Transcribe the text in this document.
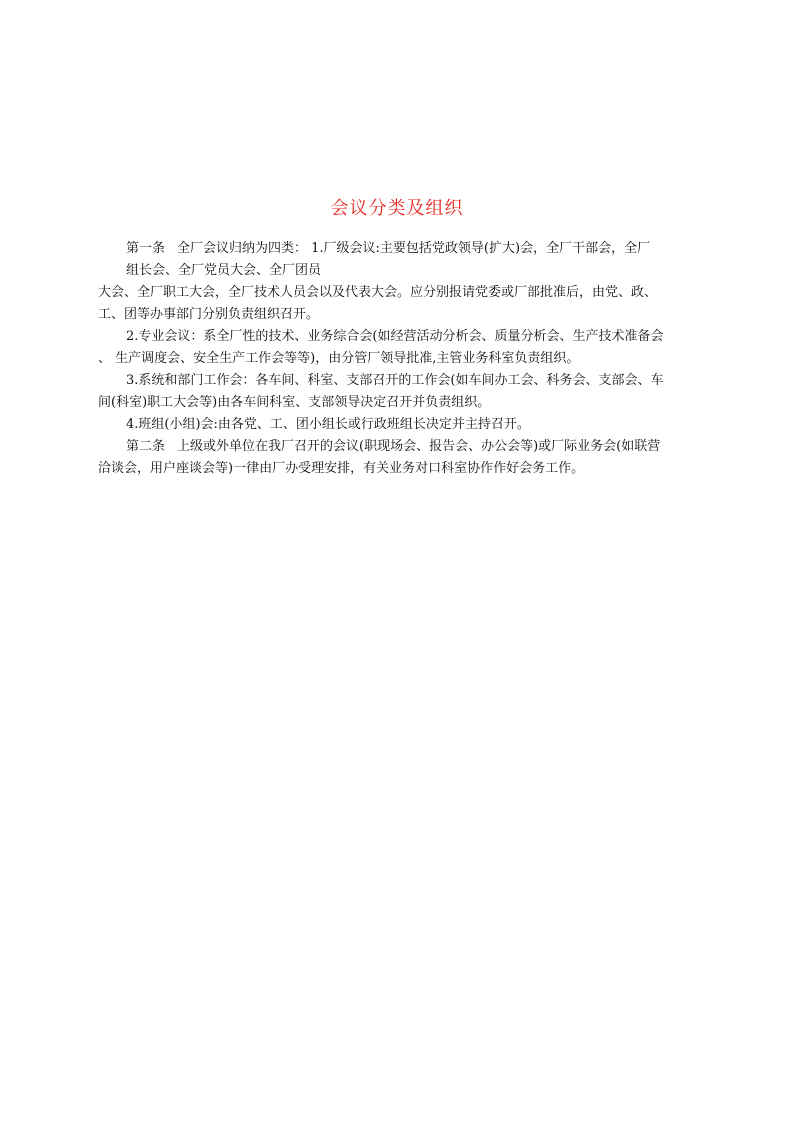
会议分类及组织
第一条 全厂会议归纳为四类： 1.厂级会议:主要包括党政领导(扩大)会，全厂干部会，全厂
组长会、全厂党员大会、全厂团员
大会、全厂职工大会，全厂技术人员会以及代表大会。应分别报请党委或厂部批准后，由党、政、
工、团等办事部门分别负责组织召开。
2.专业会议：系全厂性的技术、业务综合会(如经营活动分析会、质量分析会、生产技术准备会
、 生产调度会、安全生产工作会等等)，由分管厂领导批准,主管业务科室负责组织。
3.系统和部门工作会：各车间、科室、支部召开的工作会(如车间办工会、科务会、支部会、车
间(科室)职工大会等)由各车间科室、支部领导决定召开并负责组织。
4.班组(小组)会:由各党、工、团小组长或行政班组长决定并主持召开。
第二条 上级或外单位在我厂召开的会议(职现场会、报告会、办公会等)或厂际业务会(如联营
洽谈会，用户座谈会等)一律由厂办受理安排，有关业务对口科室协作作好会务工作。
